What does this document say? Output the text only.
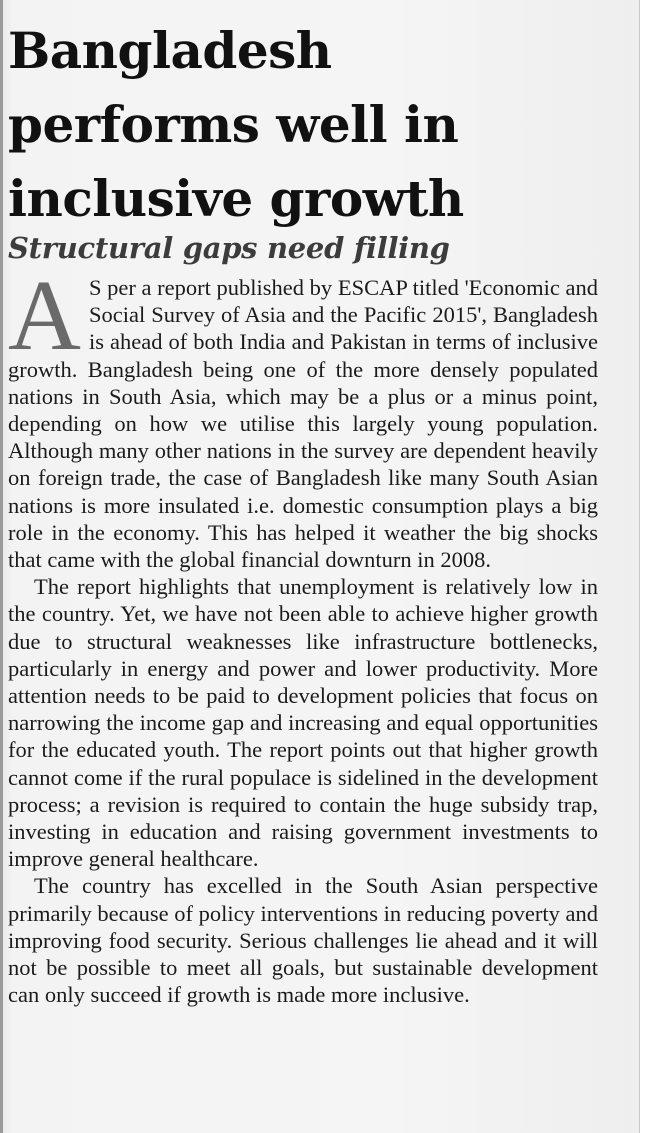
Bangladesh
performs well in
inclusive growth
Structural gaps need filling

A S per a report published by ESCAP titled 'Economic and Social Survey of Asia and the Pacific 2015', Bangladesh is ahead of both India and Pakistan in terms of inclusive growth. Bangladesh being one of the more densely populated nations in South Asia, which may be a plus or a minus point, depending on how we utilise this largely young population. Although many other nations in the survey are dependent heavily on foreign trade, the case of Bangladesh like many South Asian nations is more insulated i.e. domestic consumption plays a big role in the economy. This has helped it weather the big shocks that came with the global financial downturn in 2008.

The report highlights that unemployment is relatively low in the country. Yet, we have not been able to achieve higher growth due to structural weaknesses like infrastructure bottlenecks, particularly in energy and power and lower productivity. More attention needs to be paid to development policies that focus on narrowing the income gap and increasing and equal opportunities for the educated youth. The report points out that higher growth cannot come if the rural populace is sidelined in the development process; a revision is required to contain the huge subsidy trap, investing in education and raising government investments to improve general healthcare.

The country has excelled in the South Asian perspective primarily because of policy interventions in reducing poverty and improving food security. Serious challenges lie ahead and it will not be possible to meet all goals, but sustainable development can only succeed if growth is made more inclusive.
